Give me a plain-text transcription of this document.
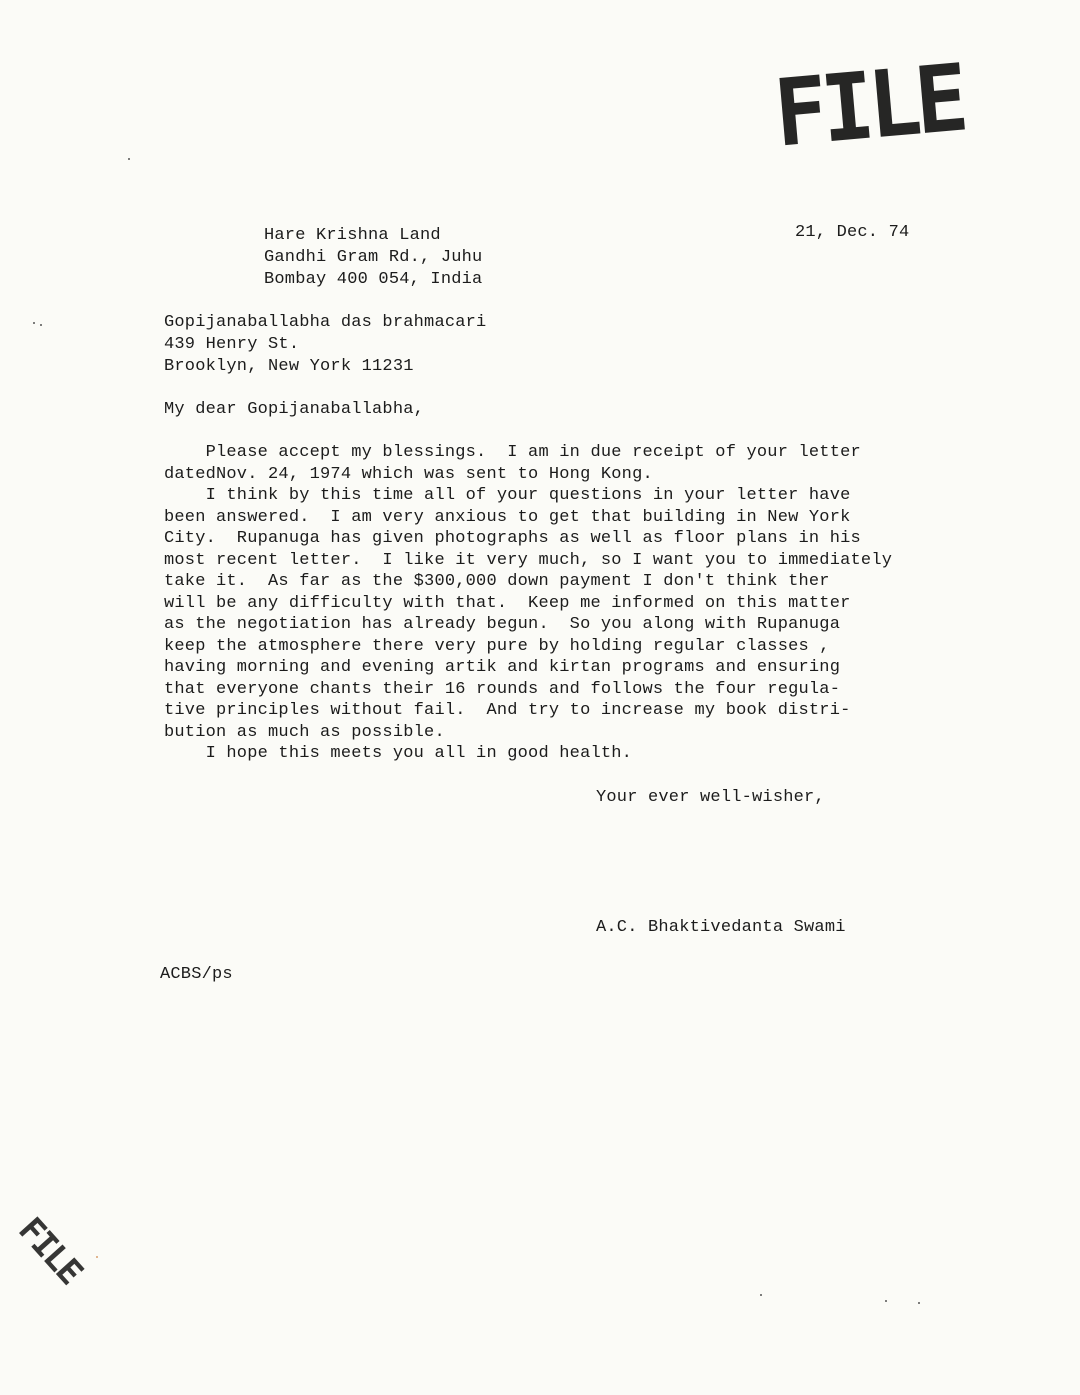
FILE
21, Dec. 74
Hare Krishna Land
Gandhi Gram Rd., Juhu
Bombay 400 054, India
Gopijanaballabha das brahmacari
439 Henry St.
Brooklyn, New York 11231
My dear Gopijanaballabha,
Please accept my blessings.  I am in due receipt of your letter
datedNov. 24, 1974 which was sent to Hong Kong.
I think by this time all of your questions in your letter have
been answered.  I am very anxious to get that building in New York
City.  Rupanuga has given photographs as well as floor plans in his
most recent letter.  I like it very much, so I want you to immediately
take it.  As far as the $300,000 down payment I don't think ther
will be any difficulty with that.  Keep me informed on this matter
as the negotiation has already begun.  So you along with Rupanuga
keep the atmosphere there very pure by holding regular classes ,
having morning and evening artik and kirtan programs and ensuring
that everyone chants their 16 rounds and follows the four regula-
tive principles without fail.  And try to increase my book distri-
bution as much as possible.
I hope this meets you all in good health.
Your ever well-wisher,
A.C. Bhaktivedanta Swami
ACBS/ps
FILE
